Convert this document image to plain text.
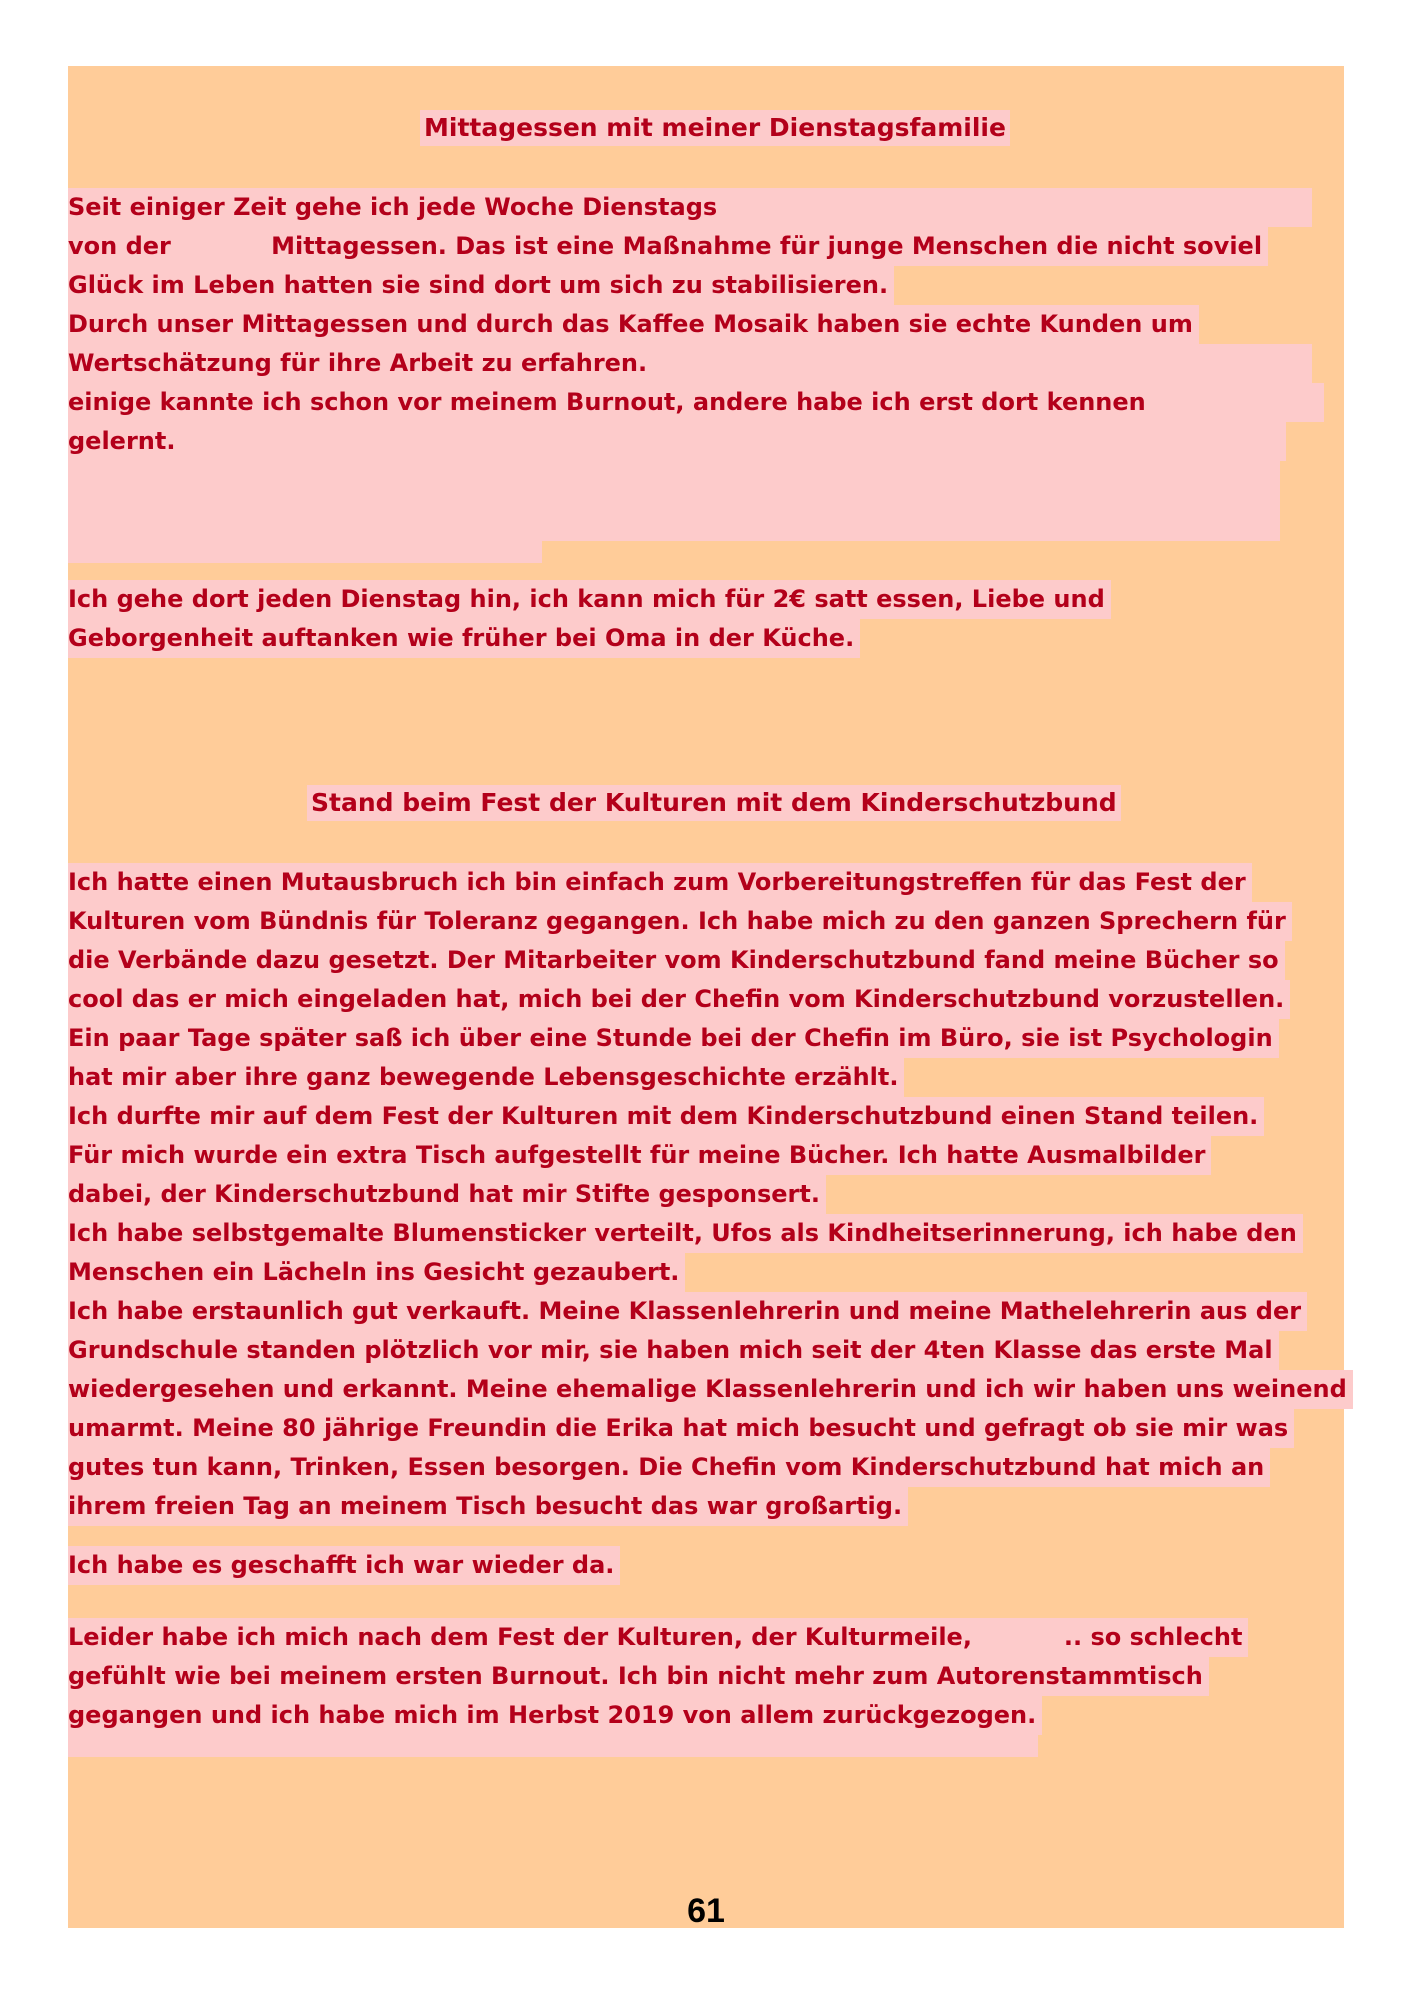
Mittagessen mit meiner Dienstagsfamilie
Seit einiger Zeit gehe ich jede Woche Dienstags
von der            Mittagessen. Das ist eine Maßnahme für junge Menschen die nicht soviel
Glück im Leben hatten sie sind dort um sich zu stabilisieren.
Durch unser Mittagessen und durch das Kaffee Mosaik haben sie echte Kunden um
Wertschätzung für ihre Arbeit zu erfahren.
einige kannte ich schon vor meinem Burnout, andere habe ich erst dort kennen
gelernt.
Ich gehe dort jeden Dienstag hin, ich kann mich für 2€ satt essen, Liebe und
Geborgenheit auftanken wie früher bei Oma in der Küche.
Stand beim Fest der Kulturen mit dem Kinderschutzbund
Ich hatte einen Mutausbruch ich bin einfach zum Vorbereitungstreffen für das Fest der
Kulturen vom Bündnis für Toleranz gegangen. Ich habe mich zu den ganzen Sprechern für
die Verbände dazu gesetzt. Der Mitarbeiter vom Kinderschutzbund fand meine Bücher so
cool das er mich eingeladen hat, mich bei der Chefin vom Kinderschutzbund vorzustellen.
Ein paar Tage später saß ich über eine Stunde bei der Chefin im Büro, sie ist Psychologin
hat mir aber ihre ganz bewegende Lebensgeschichte erzählt.
Ich durfte mir auf dem Fest der Kulturen mit dem Kinderschutzbund einen Stand teilen.
Für mich wurde ein extra Tisch aufgestellt für meine Bücher. Ich hatte Ausmalbilder
dabei, der Kinderschutzbund hat mir Stifte gesponsert.
Ich habe selbstgemalte Blumensticker verteilt, Ufos als Kindheitserinnerung, ich habe den
Menschen ein Lächeln ins Gesicht gezaubert.
Ich habe erstaunlich gut verkauft. Meine Klassenlehrerin und meine Mathelehrerin aus der
Grundschule standen plötzlich vor mir, sie haben mich seit der 4ten Klasse das erste Mal
wiedergesehen und erkannt. Meine ehemalige Klassenlehrerin und ich wir haben uns weinend
umarmt. Meine 80 jährige Freundin die Erika hat mich besucht und gefragt ob sie mir was
gutes tun kann, Trinken, Essen besorgen. Die Chefin vom Kinderschutzbund hat mich an
ihrem freien Tag an meinem Tisch besucht das war großartig.
Ich habe es geschafft ich war wieder da.
Leider habe ich mich nach dem Fest der Kulturen, der Kulturmeile,           .. so schlecht
gefühlt wie bei meinem ersten Burnout. Ich bin nicht mehr zum Autorenstammtisch
gegangen und ich habe mich im Herbst 2019 von allem zurückgezogen.
61
